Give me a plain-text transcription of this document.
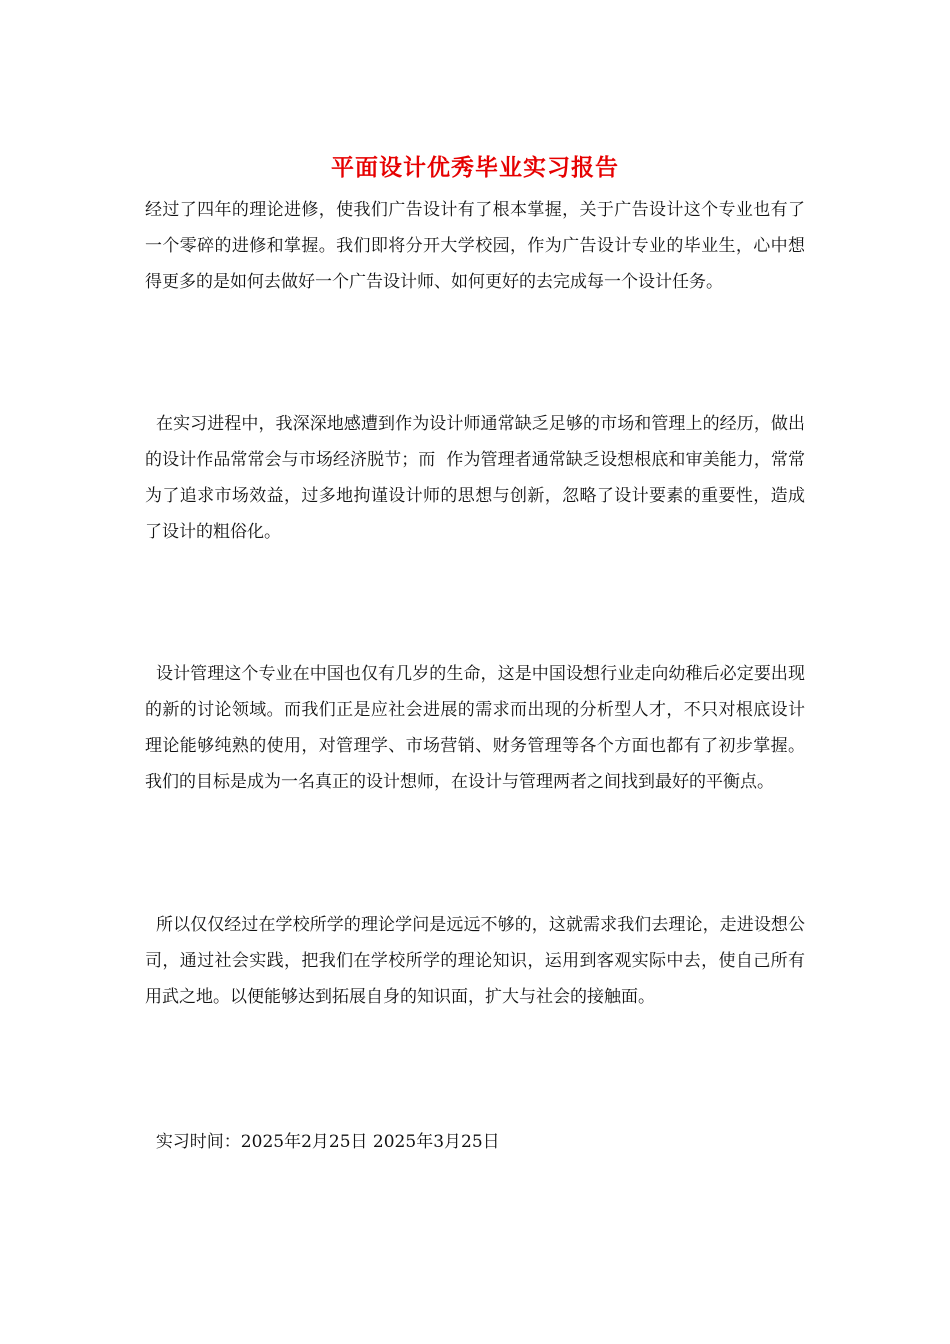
平面设计优秀毕业实习报告

经过了四年的理论进修，使我们广告设计有了根本掌握，关于广告设计这个专业也有了一个零碎的进修和掌握。我们即将分开大学校园，作为广告设计专业的毕业生，心中想得更多的是如何去做好一个广告设计师、如何更好的去完成每一个设计任务。

在实习进程中，我深深地感遭到作为设计师通常缺乏足够的市场和管理上的经历，做出的设计作品常常会与市场经济脱节；而  作为管理者通常缺乏设想根底和审美能力，常常为了追求市场效益，过多地拘谨设计师的思想与创新，忽略了设计要素的重要性，造成了设计的粗俗化。

设计管理这个专业在中国也仅有几岁的生命，这是中国设想行业走向幼稚后必定要出现的新的讨论领域。而我们正是应社会进展的需求而出现的分析型人才，不只对根底设计理论能够纯熟的使用，对管理学、市场营销、财务管理等各个方面也都有了初步掌握。我们的目标是成为一名真正的设计想师，在设计与管理两者之间找到最好的平衡点。

所以仅仅经过在学校所学的理论学问是远远不够的，这就需求我们去理论，走进设想公司，通过社会实践，把我们在学校所学的理论知识，运用到客观实际中去，使自己所有用武之地。以便能够达到拓展自身的知识面，扩大与社会的接触面。

实习时间：2025年2月25日 2025年3月25日
